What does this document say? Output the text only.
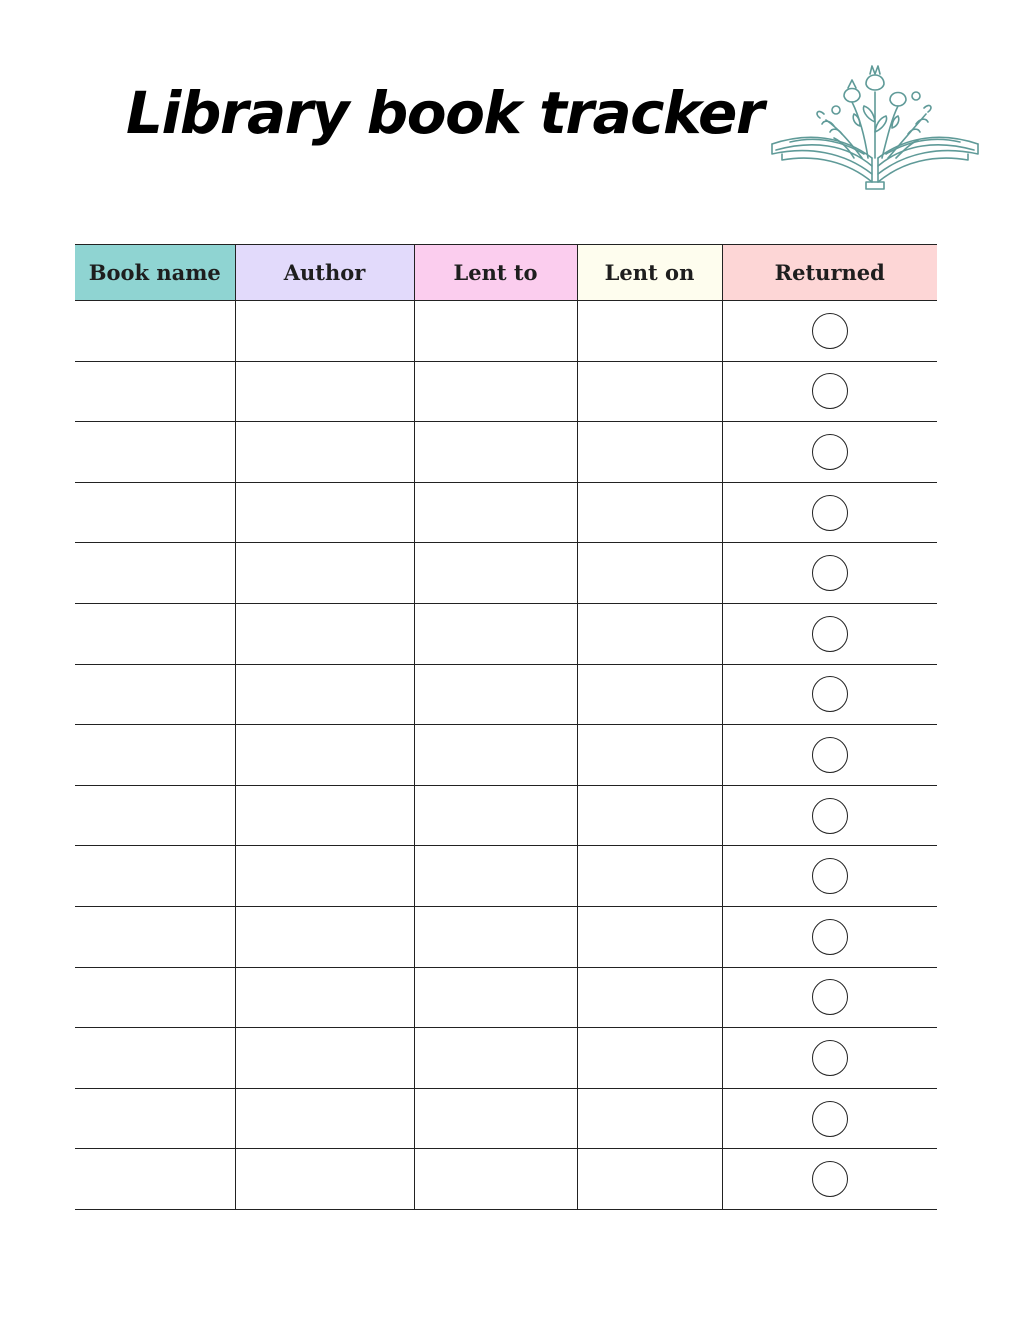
Library book tracker
Book name	Author	Lent to	Lent on	Returned
